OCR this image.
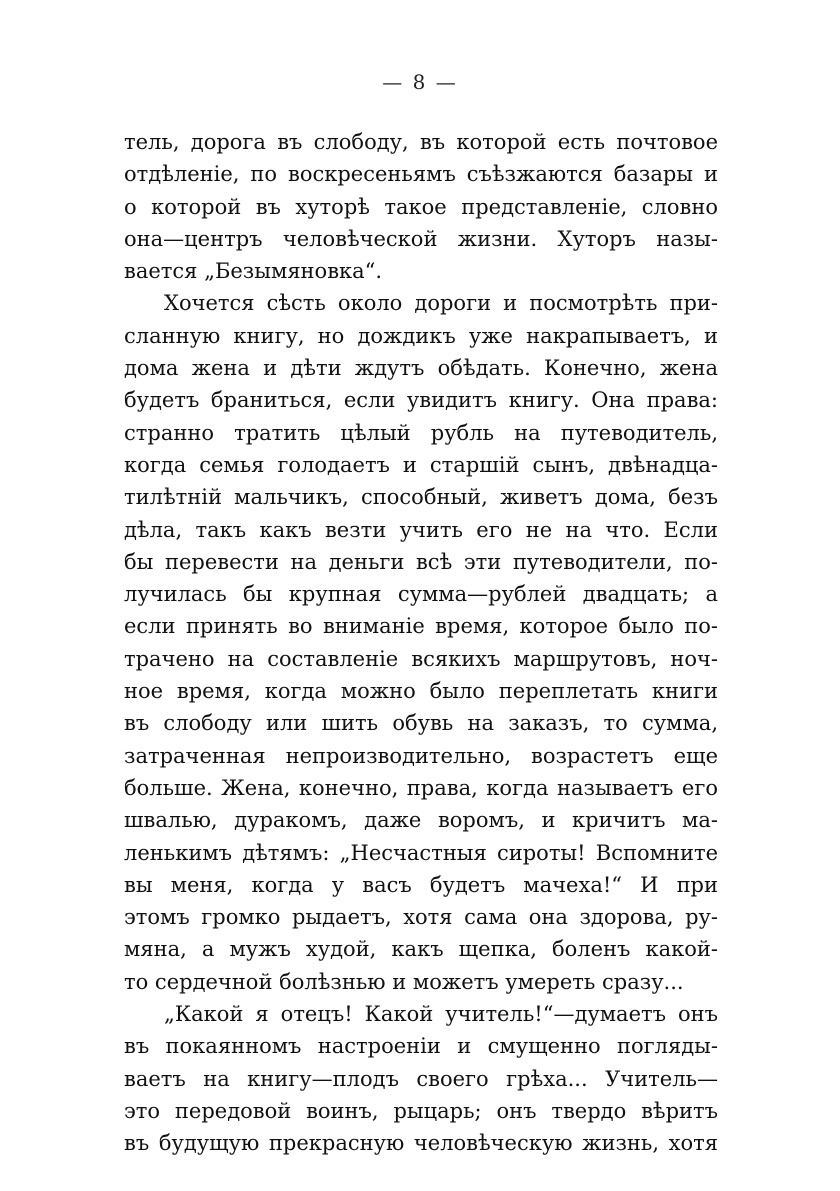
— 8 —
тель, дорога въ слободу, въ которой есть почтовое
отдѣленіе, по воскресеньямъ съѣзжаются базары и
о которой въ хуторѣ такое представленіе, словно
она—центръ человѣческой жизни. Хуторъ назы-
вается „Безымяновка“.
Хочется сѣсть около дороги и посмотрѣть при-
сланную книгу, но дождикъ уже накрапываетъ, и
дома жена и дѣти ждутъ обѣдать. Конечно, жена
будетъ браниться, если увидитъ книгу. Она права:
странно тратить цѣлый рубль на путеводитель,
когда семья голодаетъ и старшій сынъ, двѣнадца-
тилѣтній мальчикъ, способный, живетъ дома, безъ
дѣла, такъ какъ везти учить его не на что. Если
бы перевести на деньги всѣ эти путеводители, по-
лучилась бы крупная сумма—рублей двадцать; а
если принять во вниманіе время, которое было по-
трачено на составленіе всякихъ маршрутовъ, ноч-
ное время, когда можно было переплетать книги
въ слободу или шить обувь на заказъ, то сумма,
затраченная непроизводительно, возрастетъ еще
больше. Жена, конечно, права, когда называетъ его
швалью, дуракомъ, даже воромъ, и кричитъ ма-
ленькимъ дѣтямъ: „Несчастныя сироты! Вспомните
вы меня, когда у васъ будетъ мачеха!“ И при
этомъ громко рыдаетъ, хотя сама она здорова, ру-
мяна, а мужъ худой, какъ щепка, боленъ какой-
то сердечной болѣзнью и можетъ умереть сразу...
„Какой я отецъ! Какой учитель!“—думаетъ онъ
въ покаянномъ настроеніи и смущенно погляды-
ваетъ на книгу—плодъ своего грѣха... Учитель—
это передовой воинъ, рыцарь; онъ твердо вѣритъ
въ будущую прекрасную человѣческую жизнь, хотя
